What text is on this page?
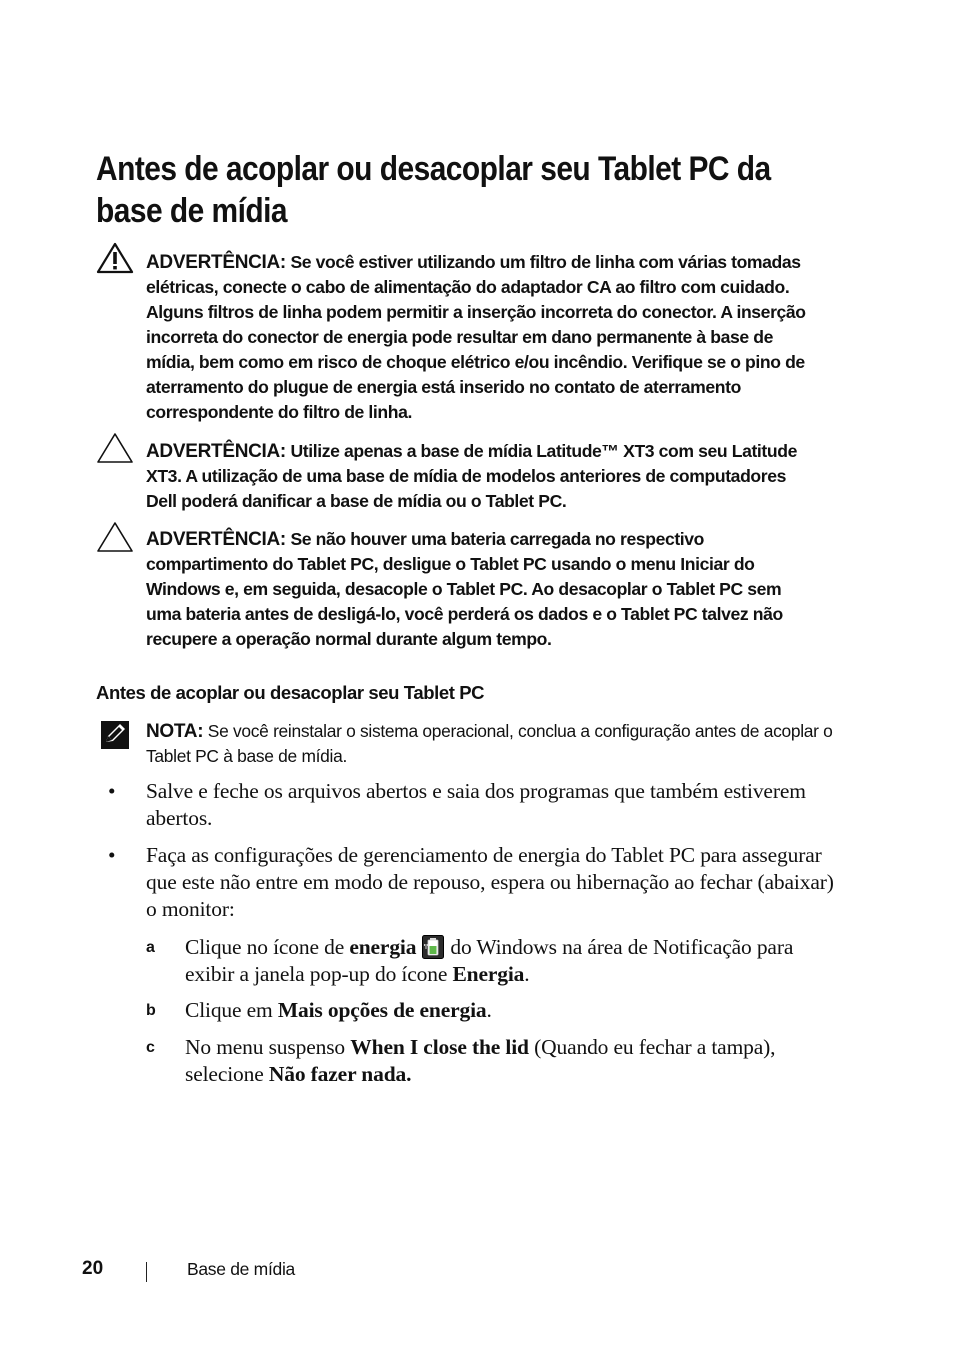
Antes de acoplar ou desacoplar seu Tablet PC da
base de mídia
ADVERTÊNCIA: Se você estiver utilizando um filtro de linha com várias tomadas elétricas, conecte o cabo de alimentação do adaptador CA ao filtro com cuidado. Alguns filtros de linha podem permitir a inserção incorreta do conector. A inserção incorreta do conector de energia pode resultar em dano permanente à base de mídia, bem como em risco de choque elétrico e/ou incêndio. Verifique se o pino de aterramento do plugue de energia está inserido no contato de aterramento correspondente do filtro de linha.
ADVERTÊNCIA: Utilize apenas a base de mídia Latitude™ XT3 com seu Latitude XT3. A utilização de uma base de mídia de modelos anteriores de computadores Dell poderá danificar a base de mídia ou o Tablet PC.
ADVERTÊNCIA: Se não houver uma bateria carregada no respectivo compartimento do Tablet PC, desligue o Tablet PC usando o menu Iniciar do Windows e, em seguida, desacople o Tablet PC. Ao desacoplar o Tablet PC sem uma bateria antes de desligá-lo, você perderá os dados e o Tablet PC talvez não recupere a operação normal durante algum tempo.
Antes de acoplar ou desacoplar seu Tablet PC
NOTA: Se você reinstalar o sistema operacional, conclua a configuração antes de acoplar o Tablet PC à base de mídia.
• Salve e feche os arquivos abertos e saia dos programas que também estiverem abertos.
• Faça as configurações de gerenciamento de energia do Tablet PC para assegurar que este não entre em modo de repouso, espera ou hibernação ao fechar (abaixar) o monitor:
a Clique no ícone de energia do Windows na área de Notificação para exibir a janela pop-up do ícone Energia.
b Clique em Mais opções de energia.
c No menu suspenso When I close the lid (Quando eu fechar a tampa), selecione Não fazer nada.
20	Base de mídia
